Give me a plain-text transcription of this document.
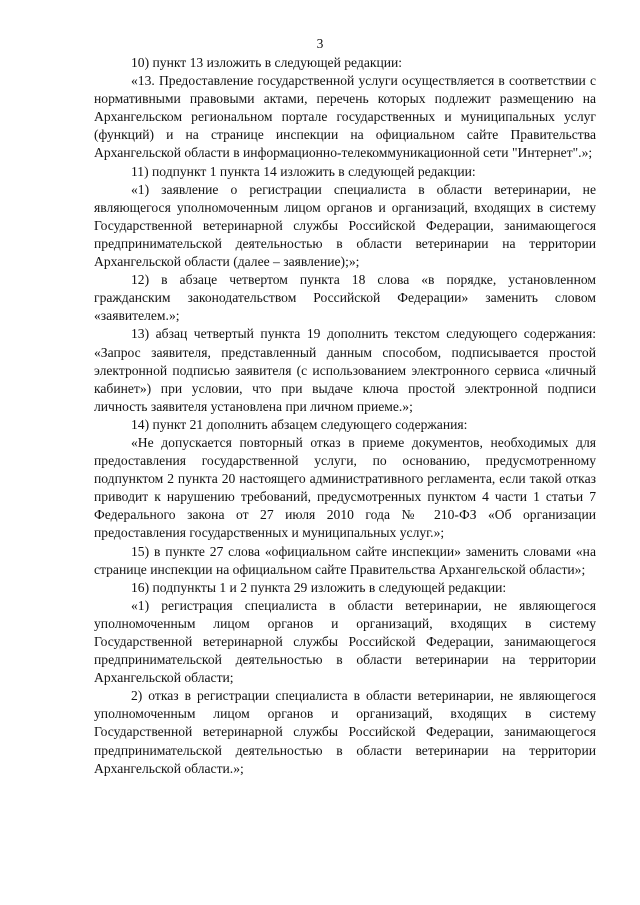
3

10) пункт 13 изложить в следующей редакции:

«13. Предоставление государственной услуги осуществляется в соответствии с нормативными правовыми актами, перечень которых подлежит размещению на Архангельском региональном портале государственных и муниципальных услуг (функций) и на странице инспекции на официальном сайте Правительства Архангельской области в информационно-телекоммуникационной сети "Интернет".»;

11) подпункт 1 пункта 14 изложить в следующей редакции:

«1) заявление о регистрации специалиста в области ветеринарии, не являющегося уполномоченным лицом органов и организаций, входящих в систему Государственной ветеринарной службы Российской Федерации, занимающегося предпринимательской деятельностью в области ветеринарии на территории Архангельской области (далее – заявление);»;

12) в абзаце четвертом пункта 18 слова «в порядке, установленном гражданским законодательством Российской Федерации» заменить словом «заявителем.»;

13) абзац четвертый пункта 19 дополнить текстом следующего содержания: «Запрос заявителя, представленный данным способом, подписывается простой электронной подписью заявителя (с использованием электронного сервиса «личный кабинет») при условии, что при выдаче ключа простой электронной подписи личность заявителя установлена при личном приеме.»;

14) пункт 21 дополнить абзацем следующего содержания:

«Не допускается повторный отказ в приеме документов, необходимых для предоставления государственной услуги, по основанию, предусмотренному подпунктом 2 пункта 20 настоящего административного регламента, если такой отказ приводит к нарушению требований, предусмотренных пунктом 4 части 1 статьи 7 Федерального закона от 27 июля 2010 года № 210-ФЗ «Об организации предоставления государственных и муниципальных услуг.»;

15) в пункте 27 слова «официальном сайте инспекции» заменить словами «на странице инспекции на официальном сайте Правительства Архангельской области»;

16) подпункты 1 и 2 пункта 29 изложить в следующей редакции:

«1) регистрация специалиста в области ветеринарии, не являющегося уполномоченным лицом органов и организаций, входящих в систему Государственной ветеринарной службы Российской Федерации, занимающегося предпринимательской деятельностью в области ветеринарии на территории Архангельской области;

2) отказ в регистрации специалиста в области ветеринарии, не являющегося уполномоченным лицом органов и организаций, входящих в систему Государственной ветеринарной службы Российской Федерации, занимающегося предпринимательской деятельностью в области ветеринарии на территории Архангельской области.»;
